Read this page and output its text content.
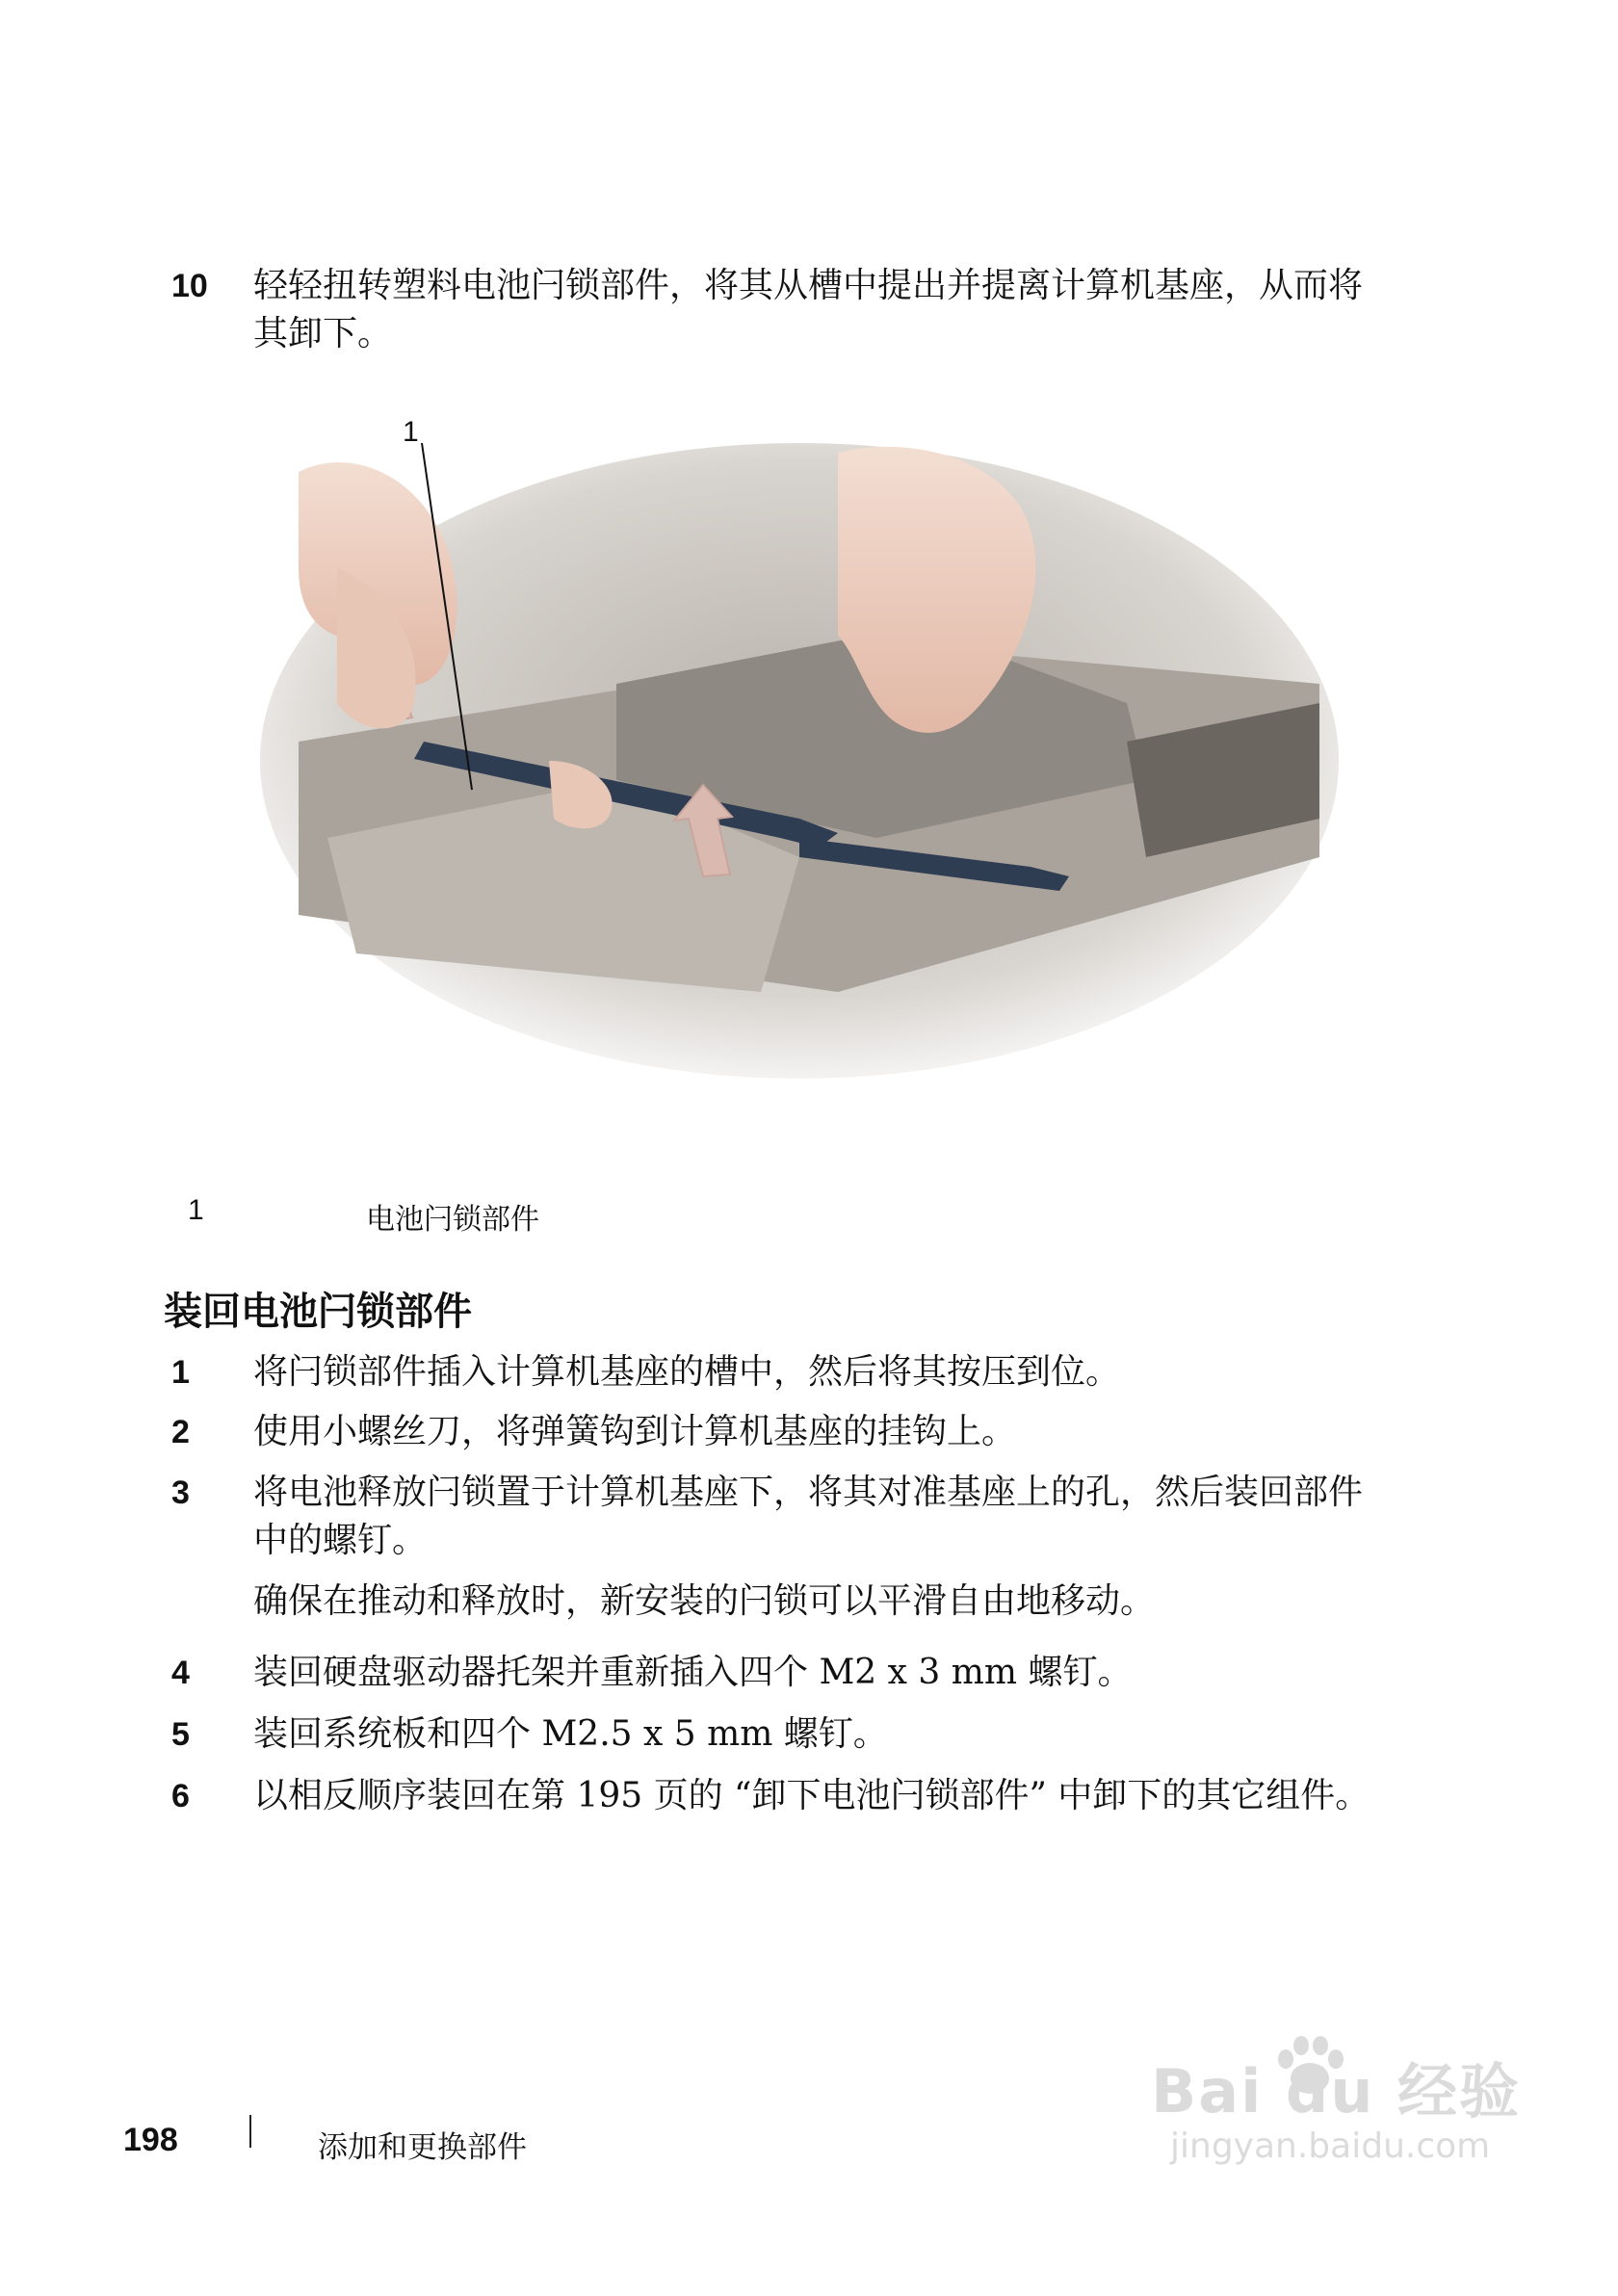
10 轻轻扭转塑料电池闩锁部件，将其从槽中提出并提离计算机基座，从而将其卸下。
1
1	电池闩锁部件
装回电池闩锁部件
1 将闩锁部件插入计算机基座的槽中，然后将其按压到位。
2 使用小螺丝刀，将弹簧钩到计算机基座的挂钩上。
3 将电池释放闩锁置于计算机基座下，将其对准基座上的孔，然后装回部件中的螺钉。
确保在推动和释放时，新安装的闩锁可以平滑自由地移动。
4 装回硬盘驱动器托架并重新插入四个 M2 x 3 mm 螺钉。
5 装回系统板和四个 M2.5 x 5 mm 螺钉。
6 以相反顺序装回在第 195 页的 “卸下电池闩锁部件” 中卸下的其它组件。
198	添加和更换部件
Bai du 经验
jingyan.baidu.com
